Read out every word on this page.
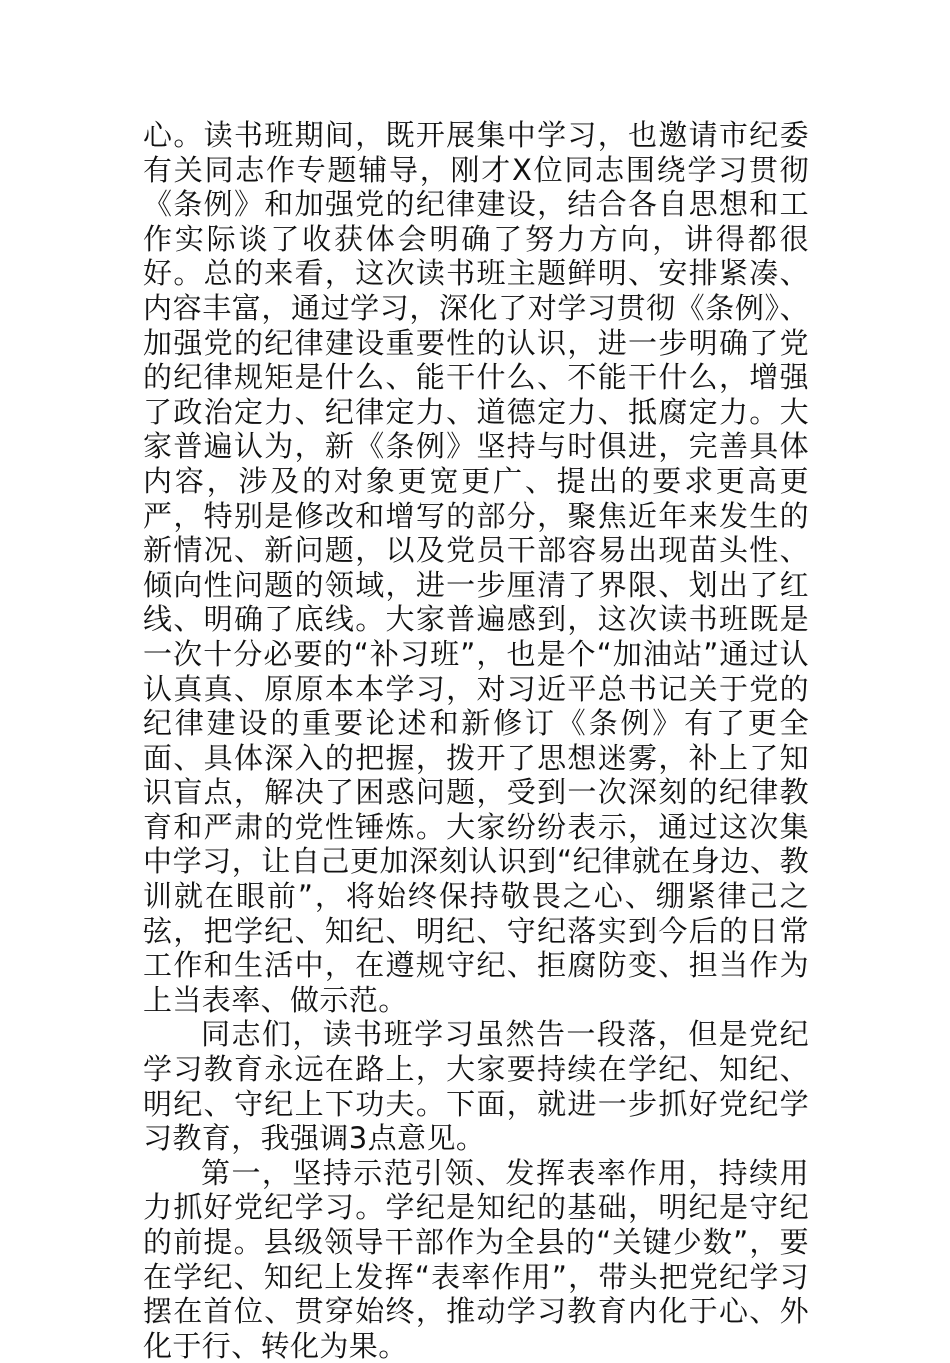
心。读书班期间，既开展集中学习，也邀请市纪委有关同志作专题辅导，刚才X位同志围绕学习贯彻《条例》和加强党的纪律建设，结合各自思想和工作实际谈了收获体会明确了努力方向，讲得都很好。总的来看，这次读书班主题鲜明、安排紧凑、内容丰富，通过学习，深化了对学习贯彻《条例》、加强党的纪律建设重要性的认识，进一步明确了党的纪律规矩是什么、能干什么、不能干什么，增强了政治定力、纪律定力、道德定力、抵腐定力。大家普遍认为，新《条例》坚持与时俱进，完善具体内容，涉及的对象更宽更广、提出的要求更高更严，特别是修改和增写的部分，聚焦近年来发生的新情况、新问题，以及党员干部容易出现苗头性、倾向性问题的领域，进一步厘清了界限、划出了红线、明确了底线。大家普遍感到，这次读书班既是一次十分必要的“补习班”，也是个“加油站”通过认认真真、原原本本学习，对习近平总书记关于党的纪律建设的重要论述和新修订《条例》有了更全面、具体深入的把握，拨开了思想迷雾，补上了知识盲点，解决了困惑问题，受到一次深刻的纪律教育和严肃的党性锤炼。大家纷纷表示，通过这次集中学习，让自己更加深刻认识到“纪律就在身边、教训就在眼前”，将始终保持敬畏之心、绷紧律己之弦，把学纪、知纪、明纪、守纪落实到今后的日常工作和生活中，在遵规守纪、拒腐防变、担当作为上当表率、做示范。

同志们，读书班学习虽然告一段落，但是党纪学习教育永远在路上，大家要持续在学纪、知纪、明纪、守纪上下功夫。下面，就进一步抓好党纪学习教育，我强调3点意见。

第一，坚持示范引领、发挥表率作用，持续用力抓好党纪学习。学纪是知纪的基础，明纪是守纪的前提。县级领导干部作为全县的“关键少数”，要在学纪、知纪上发挥“表率作用”，带头把党纪学习摆在首位、贯穿始终，推动学习教育内化于心、外化于行、转化为果。
